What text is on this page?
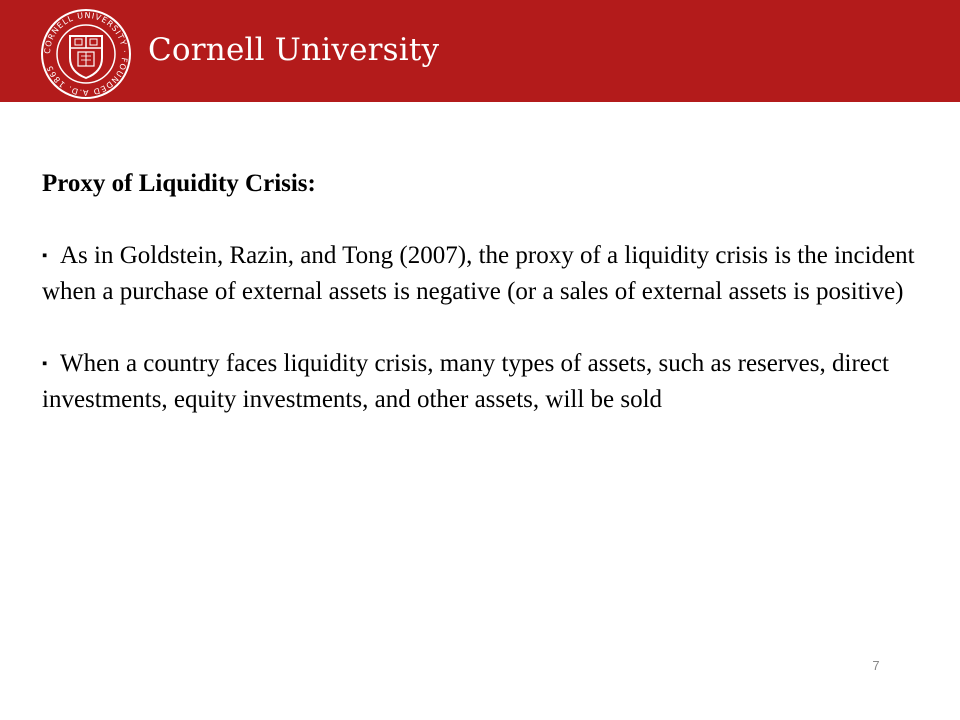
CORNELL UNIVERSITY · FOUNDED A.D. 1865
Cornell University
Proxy of Liquidity Crisis:
▪ As in Goldstein, Razin, and Tong (2007), the proxy of a liquidity crisis is the incident when a purchase of external assets is negative (or a sales of external assets is positive)
▪ When a country faces liquidity crisis, many types of assets, such as reserves, direct investments, equity investments, and other assets, will be sold
7
